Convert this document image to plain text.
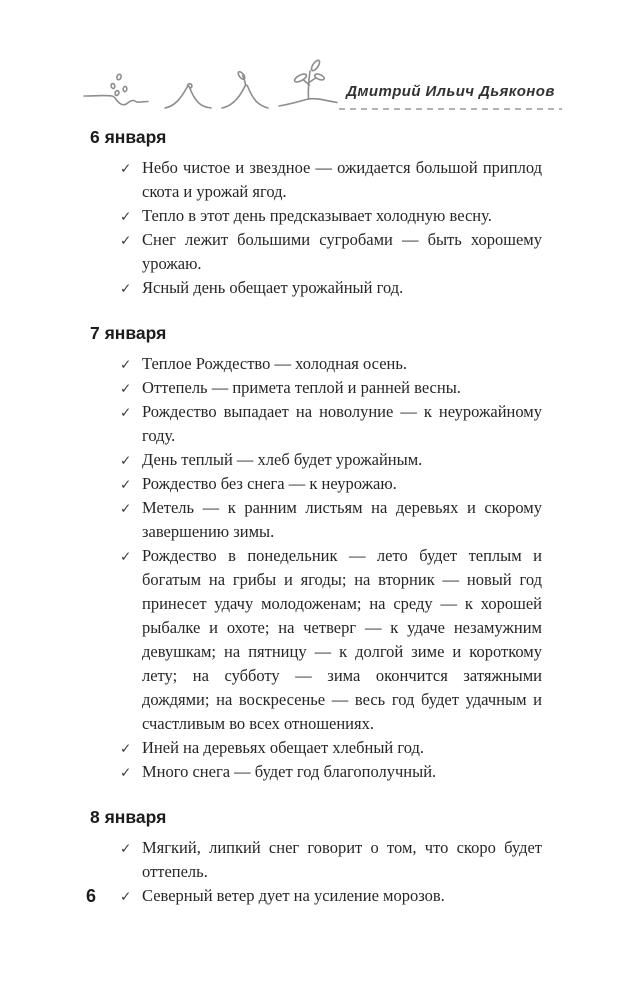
Дмитрий Ильич Дьяконов
6 января
✓ Небо чистое и звездное — ожидается большой приплод скота и урожай ягод.
✓ Тепло в этот день предсказывает холодную весну.
✓ Снег лежит большими сугробами — быть хорошему урожаю.
✓ Ясный день обещает урожайный год.
7 января
✓ Теплое Рождество — холодная осень.
✓ Оттепель — примета теплой и ранней весны.
✓ Рождество выпадает на новолуние — к неурожайному году.
✓ День теплый — хлеб будет урожайным.
✓ Рождество без снега — к неурожаю.
✓ Метель — к ранним листьям на деревьях и скорому завершению зимы.
✓ Рождество в понедельник — лето будет теплым и богатым на грибы и ягоды; на вторник — новый год принесет удачу молодоженам; на среду — к хорошей рыбалке и охоте; на четверг — к удаче незамужним девушкам; на пятницу — к долгой зиме и короткому лету; на субботу — зима окончится затяжными дождями; на воскресенье — весь год будет удачным и счастливым во всех отношениях.
✓ Иней на деревьях обещает хлебный год.
✓ Много снега — будет год благополучный.
8 января
✓ Мягкий, липкий снег говорит о том, что скоро будет оттепель.
✓ Северный ветер дует на усиление морозов.
6
